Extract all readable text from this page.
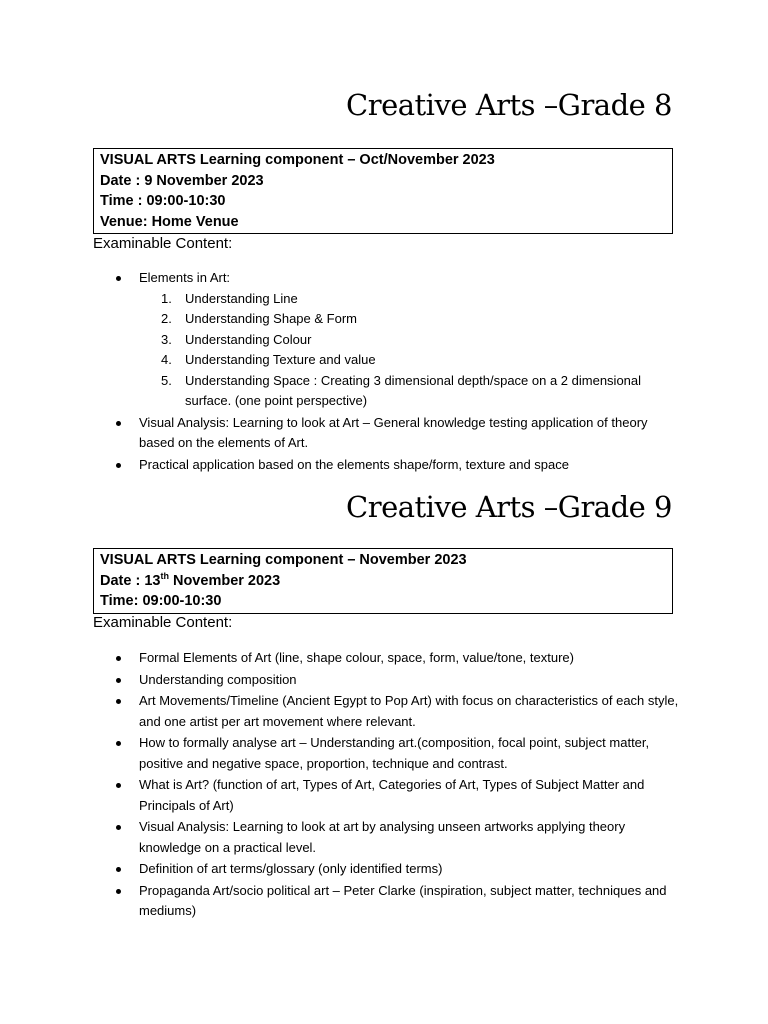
Creative Arts –Grade 8
VISUAL ARTS Learning component – Oct/November 2023
Date : 9 November 2023
Time : 09:00-10:30
Venue: Home Venue
Examinable Content:
Elements in Art:
1. Understanding Line
2. Understanding Shape & Form
3. Understanding Colour
4. Understanding Texture and value
5. Understanding Space : Creating 3 dimensional depth/space on a 2 dimensional surface. (one point perspective)
Visual Analysis: Learning to look at Art – General knowledge testing application of theory based on the elements of Art.
Practical application based on the elements shape/form, texture and space
Creative Arts –Grade 9
VISUAL ARTS Learning component – November 2023
Date : 13th November 2023
Time: 09:00-10:30
Examinable Content:
Formal Elements of Art (line, shape colour, space, form, value/tone, texture)
Understanding composition
Art Movements/Timeline (Ancient Egypt to Pop Art) with focus on characteristics of each style, and one artist per art movement where relevant.
How to formally analyse art – Understanding art.(composition, focal point, subject matter, positive and negative space, proportion, technique and contrast.
What is Art? (function of art, Types of Art, Categories of Art, Types of Subject Matter and Principals of Art)
Visual Analysis: Learning to look at art by analysing unseen artworks applying theory knowledge on a practical level.
Definition of art terms/glossary (only identified terms)
Propaganda Art/socio political art – Peter Clarke (inspiration, subject matter, techniques and mediums)
